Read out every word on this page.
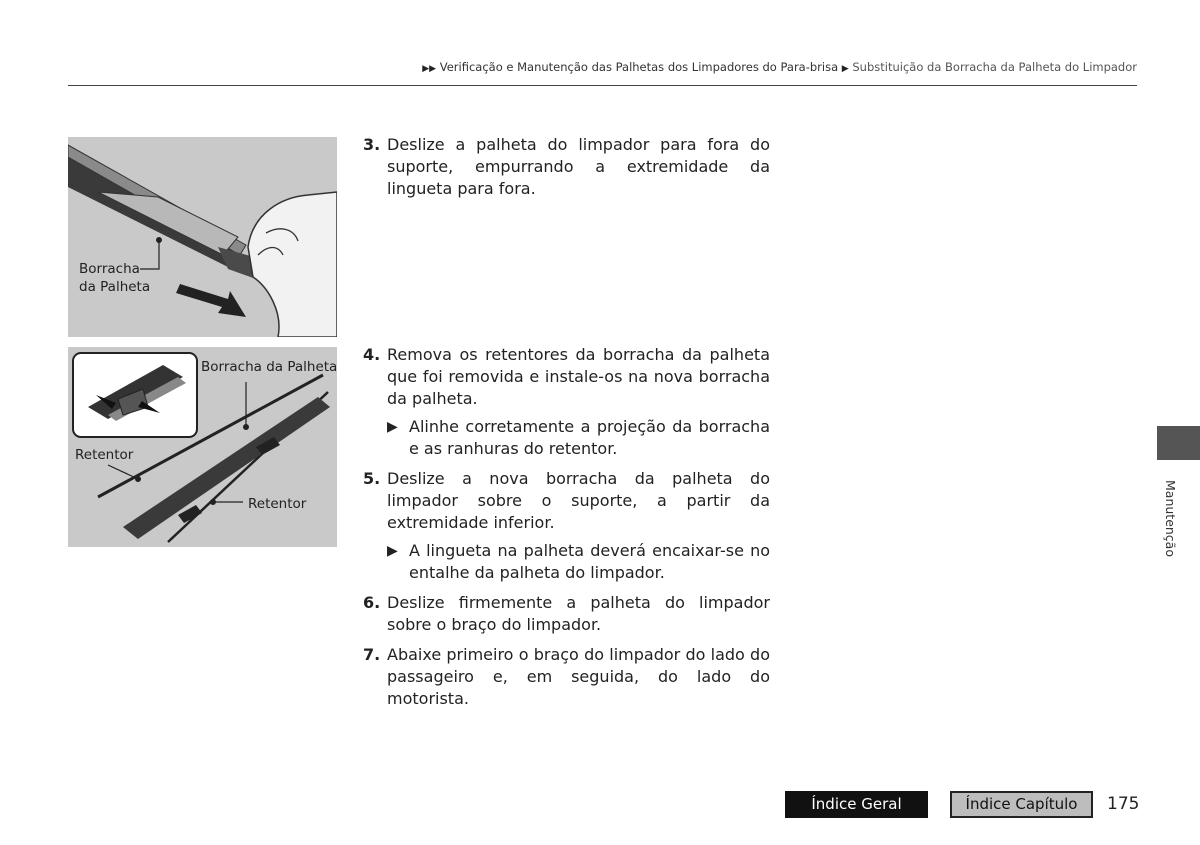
▶▶ Verificação e Manutenção das Palhetas dos Limpadores do Para-brisa ▶ Substituição da Borracha da Palheta do Limpador
Borracha
da Palheta
Borracha da Palheta
Retentor
Retentor
3. Deslize a palheta do limpador para fora do suporte, empurrando a extremidade da lingueta para fora.
4. Remova os retentores da borracha da palheta que foi removida e instale-os na nova borracha da palheta.
▶ Alinhe corretamente a projeção da borracha e as ranhuras do retentor.
5. Deslize a nova borracha da palheta do limpador sobre o suporte, a partir da extremidade inferior.
▶ A lingueta na palheta deverá encaixar-se no entalhe da palheta do limpador.
6. Deslize firmemente a palheta do limpador sobre o braço do limpador.
7. Abaixe primeiro o braço do limpador do lado do passageiro e, em seguida, do lado do motorista.
Manutenção
Índice Geral	Índice Capítulo	175
